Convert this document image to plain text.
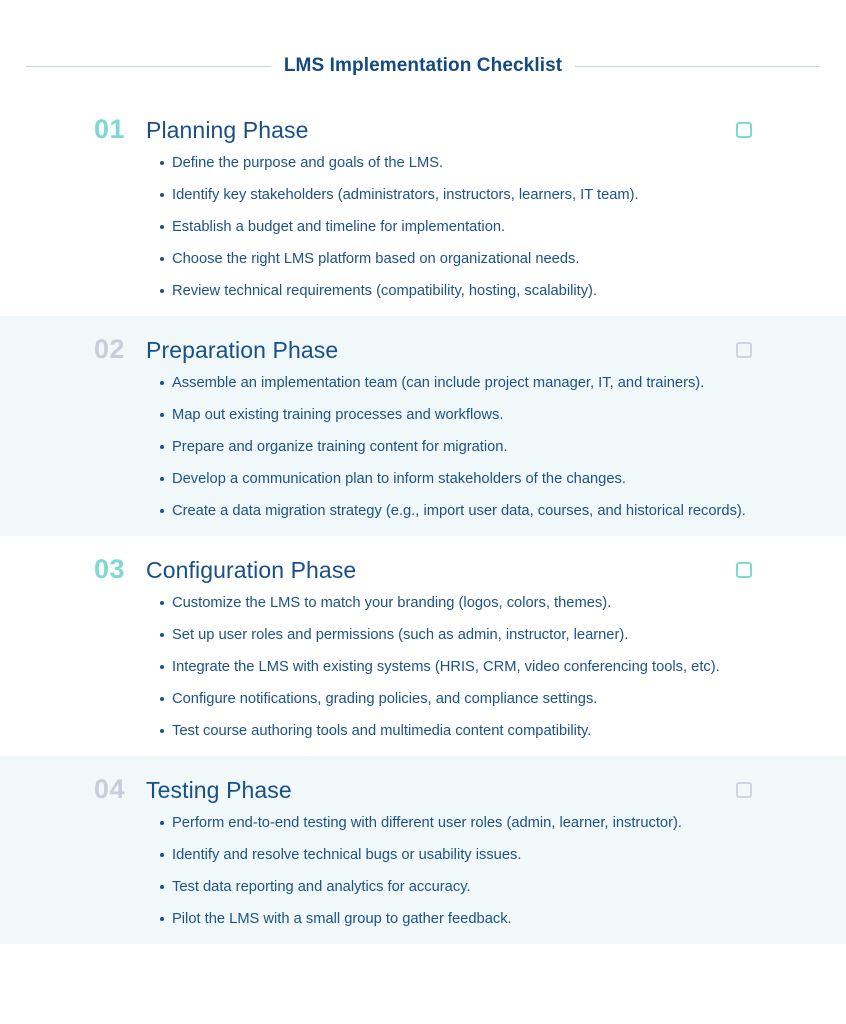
LMS Implementation Checklist
01 Planning Phase
Define the purpose and goals of the LMS.
Identify key stakeholders (administrators, instructors, learners, IT team).
Establish a budget and timeline for implementation.
Choose the right LMS platform based on organizational needs.
Review technical requirements (compatibility, hosting, scalability).
02 Preparation Phase
Assemble an implementation team (can include project manager, IT, and trainers).
Map out existing training processes and workflows.
Prepare and organize training content for migration.
Develop a communication plan to inform stakeholders of the changes.
Create a data migration strategy (e.g., import user data, courses, and historical records).
03 Configuration Phase
Customize the LMS to match your branding (logos, colors, themes).
Set up user roles and permissions (such as admin, instructor, learner).
Integrate the LMS with existing systems (HRIS, CRM, video conferencing tools, etc).
Configure notifications, grading policies, and compliance settings.
Test course authoring tools and multimedia content compatibility.
04 Testing Phase
Perform end-to-end testing with different user roles (admin, learner, instructor).
Identify and resolve technical bugs or usability issues.
Test data reporting and analytics for accuracy.
Pilot the LMS with a small group to gather feedback.
